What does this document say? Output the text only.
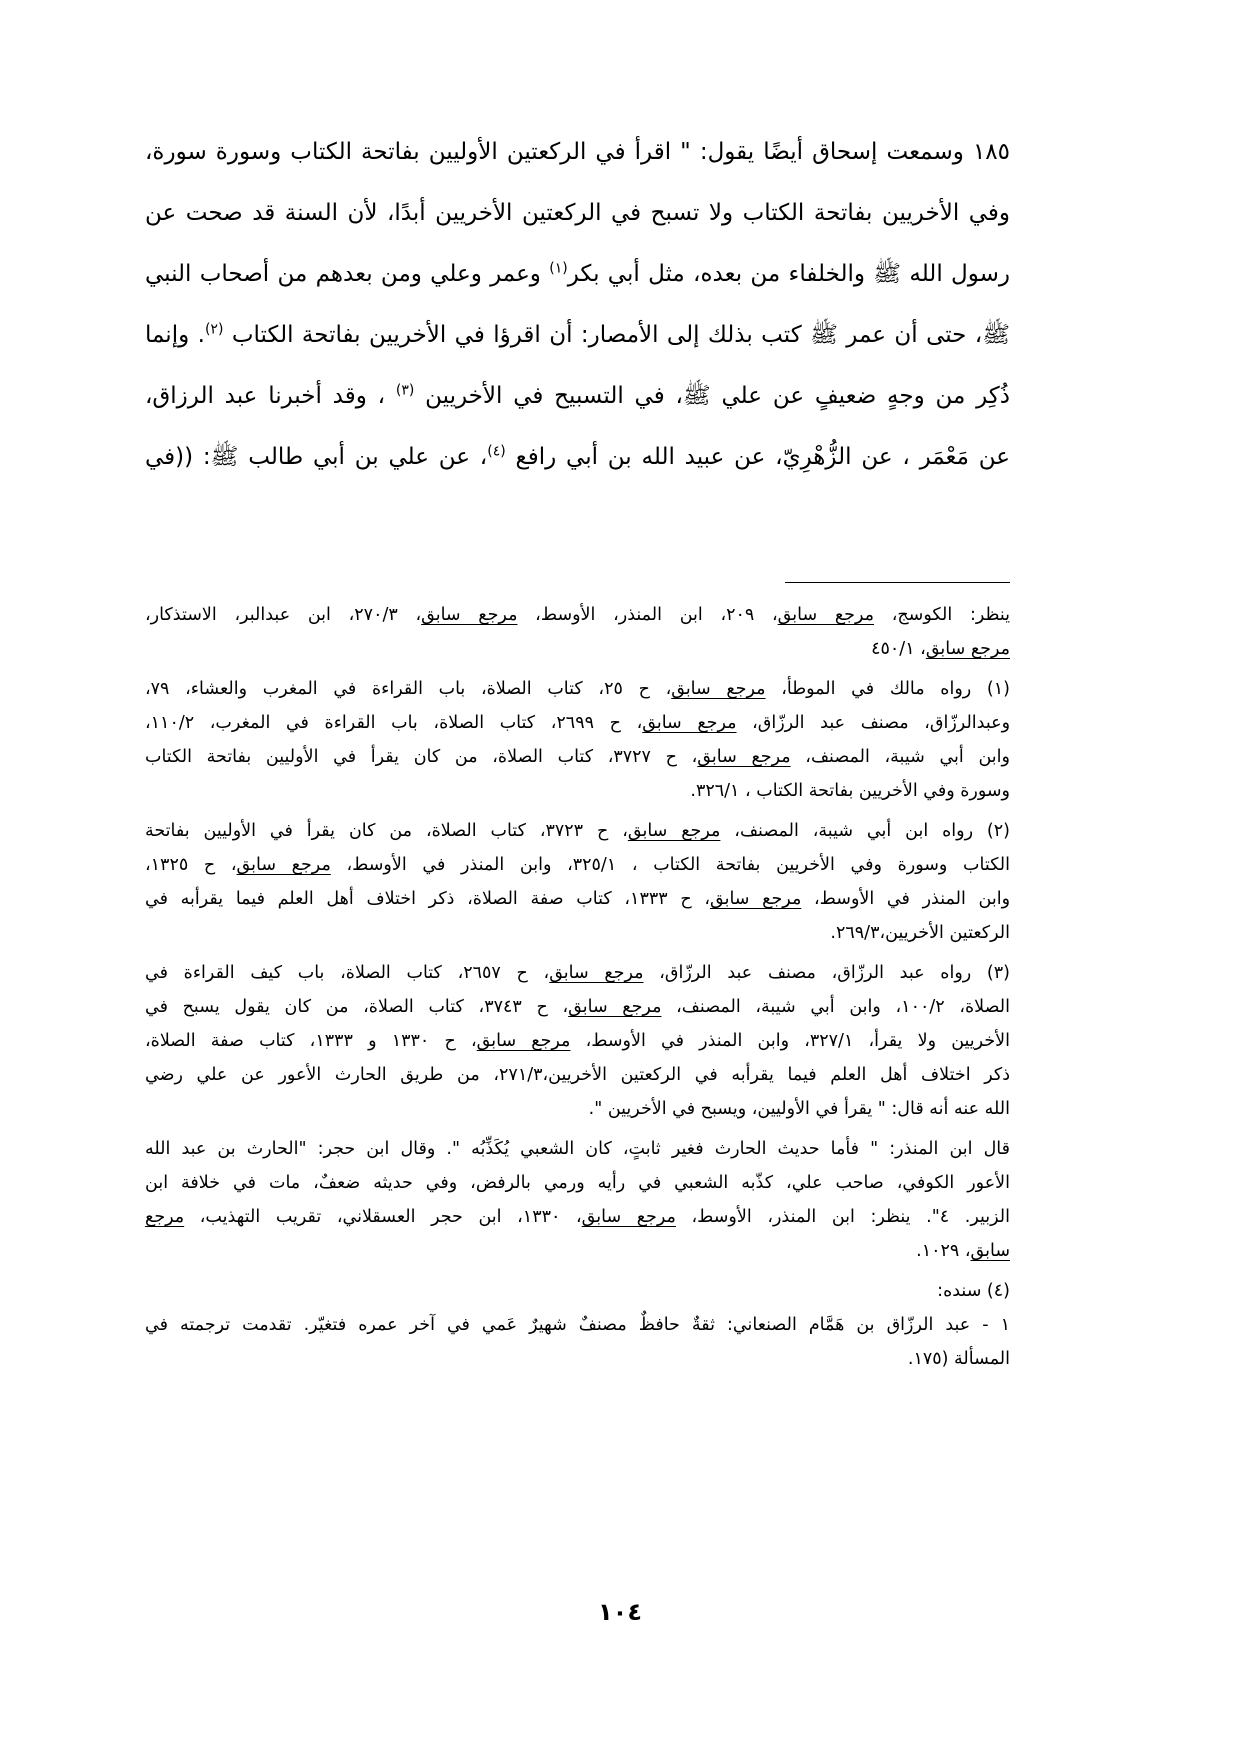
١٨٥ وسمعت إسحاق أيضًا يقول: " اقرأ في الركعتين الأوليين بفاتحة الكتاب وسورة سورة،
وفي الأخريين بفاتحة الكتاب ولا تسبح في الركعتين الأخريين أبدًا، لأن السنة قد صحت عن
رسول الله ﷺ والخلفاء من بعده، مثل أبي بكر$^{(١)}$ وعمر وعلي ومن بعدهم من أصحاب النبي
ﷺ، حتى أن عمر ﷺ كتب بذلك إلى الأمصار: أن اقرؤا في الأخريين بفاتحة الكتاب $^{(٢)}$. وإنما
ذُكِر من وجهٍ ضعيفٍ عن علي ﷺ، في التسبيح في الأخريين $^{(٣)}$ ، وقد أخبرنا عبد الرزاق،
عن مَعْمَر ، عن الزُّهْرِيّ، عن عبيد الله بن أبي رافع $^{(٤)}$، عن علي بن أبي طالب ﷺ: ((في
ينظر: الكوسج، مرجع سابق، ٢٠٩، ابن المنذر، الأوسط، مرجع سابق، ٢٧٠/٣، ابن عبدالبر، الاستذكار،
مرجع سابق، ٤٥٠/١
(١) رواه مالك في الموطأ، مرجع سابق، ح ٢٥، كتاب الصلاة، باب القراءة في المغرب والعشاء، ٧٩،
وعبدالرزّاق، مصنف عبد الرزّاق، مرجع سابق، ح ٢٦٩٩، كتاب الصلاة، باب القراءة في المغرب، ١١٠/٢،
وابن أبي شيبة، المصنف، مرجع سابق، ح ٣٧٢٧، كتاب الصلاة، من كان يقرأ في الأوليين بفاتحة الكتاب
وسورة وفي الأخريين بفاتحة الكتاب ، ٣٢٦/١.
(٢) رواه ابن أبي شيبة، المصنف، مرجع سابق، ح ٣٧٢٣، كتاب الصلاة، من كان يقرأ في الأوليين بفاتحة
الكتاب وسورة وفي الأخريين بفاتحة الكتاب ، ٣٢٥/١، وابن المنذر في الأوسط، مرجع سابق، ح ١٣٢٥،
وابن المنذر في الأوسط، مرجع سابق، ح ١٣٣٣، كتاب صفة الصلاة، ذكر اختلاف أهل العلم فيما يقرأبه في
الركعتين الأخريين،٢٦٩/٣.
(٣) رواه عبد الرزّاق، مصنف عبد الرزّاق، مرجع سابق، ح ٢٦٥٧، كتاب الصلاة، باب كيف القراءة في
الصلاة، ١٠٠/٢، وابن أبي شيبة، المصنف، مرجع سابق، ح ٣٧٤٣، كتاب الصلاة، من كان يقول يسبح في
الأخريين ولا يقرأ، ٣٢٧/١، وابن المنذر في الأوسط، مرجع سابق، ح ١٣٣٠ و ١٣٣٣، كتاب صفة الصلاة،
ذكر اختلاف أهل العلم فيما يقرأبه في الركعتين الأخريين،٢٧١/٣، من طريق الحارث الأعور عن علي رضي
الله عنه أنه قال: " يقرأ في الأوليين، ويسبح في الأخريين ".
قال ابن المنذر: " فأما حديث الحارث فغير ثابتٍ، كان الشعبي يُكَذِّبُه ". وقال ابن حجر: "الحارث بن عبد الله
الأعور الكوفي، صاحب علي، كذّبه الشعبي في رأيه ورمي بالرفض، وفي حديثه ضعفٌ، مات في خلافة ابن
الزبير. ٤". ينظر: ابن المنذر، الأوسط، مرجع سابق، ١٣٣٠، ابن حجر العسقلاني، تقريب التهذيب، مرجع
سابق، ١٠٢٩.
(٤) سنده:
١ - عبد الرزّاق بن هَمَّام الصنعاني: ثقةٌ حافظٌ مصنفٌ شهيرٌ عَمي في آخر عمره فتغيّر. تقدمت ترجمته في
المسألة (١٧٥.
١٠٤
